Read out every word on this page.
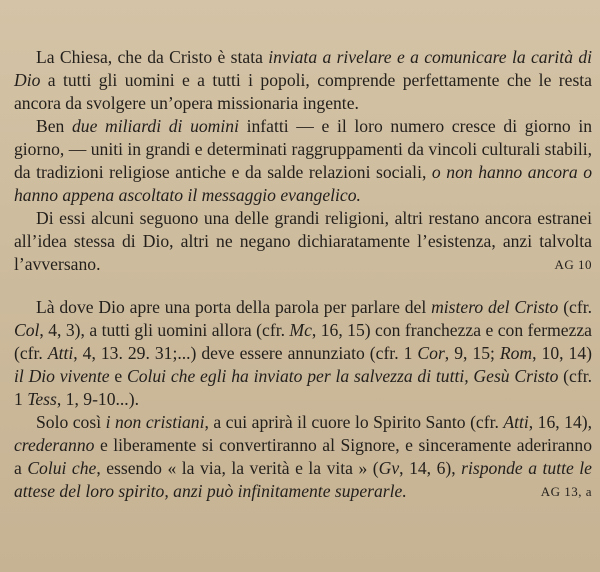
La Chiesa, che da Cristo è stata inviata a rivelare e a comunicare la carità di Dio a tutti gli uomini e a tutti i popoli, comprende perfettamente che le resta ancora da svolgere un’opera missionaria ingente.

Ben due miliardi di uomini infatti — e il loro numero cresce di giorno in giorno, — uniti in grandi e determinati raggruppamenti da vincoli culturali stabili, da tradizioni religiose antiche e da salde relazioni sociali, o non hanno ancora o hanno appena ascoltato il messaggio evangelico.

Di essi alcuni seguono una delle grandi religioni, altri restano ancora estranei all’idea stessa di Dio, altri ne negano dichiaratamente l’esistenza, anzi talvolta l’avversano.	AG 10

Là dove Dio apre una porta della parola per parlare del mistero del Cristo (cfr. Col, 4, 3), a tutti gli uomini allora (cfr. Mc, 16, 15) con franchezza e con fermezza (cfr. Atti, 4, 13. 29. 31;...) deve essere annunziato (cfr. 1 Cor, 9, 15; Rom, 10, 14) il Dio vivente e Colui che egli ha inviato per la salvezza di tutti, Gesù Cristo (cfr. 1 Tess, 1, 9-10...).

Solo così i non cristiani, a cui aprirà il cuore lo Spirito Santo (cfr. Atti, 16, 14), crederanno e liberamente si convertiranno al Signore, e sinceramente aderiranno a Colui che, essendo « la via, la verità e la vita » (Gv, 14, 6), risponde a tutte le attese del loro spirito, anzi può infinitamente superarle.	AG 13, a
